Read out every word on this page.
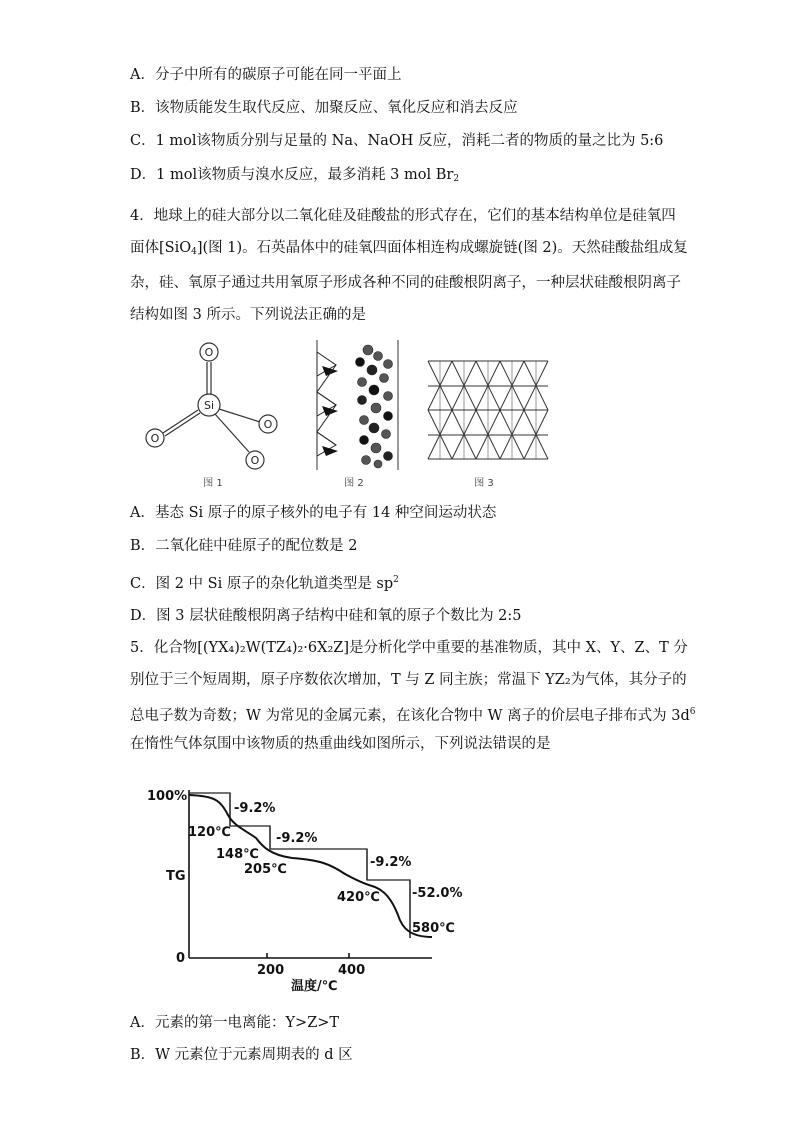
A．分子中所有的碳原子可能在同一平面上
B．该物质能发生取代反应、加聚反应、氧化反应和消去反应
C．1 mol该物质分别与足量的 Na、NaOH 反应，消耗二者的物质的量之比为 5:6
D．1 mol该物质与溴水反应，最多消耗 3 mol $Br_2$
4．地球上的硅大部分以二氧化硅及硅酸盐的形式存在，它们的基本结构单位是硅氧四
面体[SiO$_4$](图 1)。石英晶体中的硅氧四面体相连构成螺旋链(图 2)。天然硅酸盐组成复
杂，硅、氧原子通过共用氧原子形成各种不同的硅酸根阴离子，一种层状硅酸根阴离子
结构如图 3 所示。下列说法正确的是
O
Si
O
O
O
图 1	图 2	图 3
A．基态 Si 原子的原子核外的电子有 14 种空间运动状态
B．二氧化硅中硅原子的配位数是 2
C．图 2 中 Si 原子的杂化轨道类型是 $sp^2$
D．图 3 层状硅酸根阴离子结构中硅和氧的原子个数比为 2:5
5．化合物[(YX₄)₂W(TZ₄)₂·6X₂Z]是分析化学中重要的基准物质，其中 X、Y、Z、T 分
别位于三个短周期，原子序数依次增加，T 与 Z 同主族；常温下 YZ₂为气体，其分子的
总电子数为奇数；W 为常见的金属元素，在该化合物中 W 离子的价层电子排布式为 $3d^6$
在惰性气体氛围中该物质的热重曲线如图所示，下列说法错误的是
100%
TG
0
200	400
温度/℃
-9.2%
-9.2%
-9.2%
-52.0%
120℃
148℃
205℃
420℃
580℃
A．元素的第一电离能：Y>Z>T
B．W 元素位于元素周期表的 d 区
